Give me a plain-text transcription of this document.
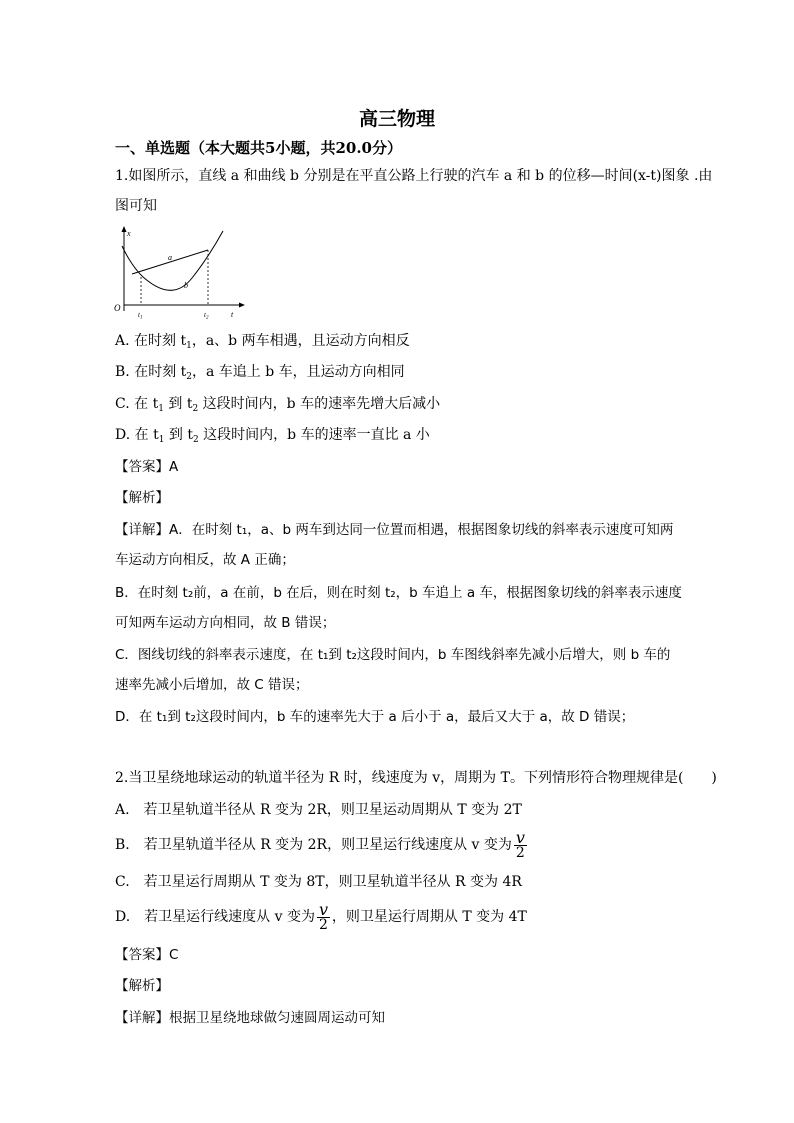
高三物理
一、单选题（本大题共5小题，共20.0分）
1.如图所示，直线 a 和曲线 b 分别是在平直公路上行驶的汽车 a 和 b 的位移—时间(x-t)图象 .由
图可知
x
O
t
$t_1$	$t_2$
a
b
A. 在时刻 $t_1$，a、b 两车相遇，且运动方向相反
B. 在时刻 $t_2$，a 车追上 b 车，且运动方向相同
C. 在 $t_1$ 到 $t_2$ 这段时间内，b 车的速率先增大后减小
D. 在 $t_1$ 到 $t_2$ 这段时间内，b 车的速率一直比 a 小
【答案】A
【解析】
【详解】A．在时刻 t₁，a、b 两车到达同一位置而相遇，根据图象切线的斜率表示速度可知两
车运动方向相反，故 A 正确；
B．在时刻 t₂前，a 在前，b 在后，则在时刻 t₂，b 车追上 a 车，根据图象切线的斜率表示速度
可知两车运动方向相同，故 B 错误；
C．图线切线的斜率表示速度，在 t₁到 t₂这段时间内，b 车图线斜率先减小后增大，则 b 车的
速率先减小后增加，故 C 错误；
D．在 t₁到 t₂这段时间内，b 车的速率先大于 a 后小于 a，最后又大于 a，故 D 错误；
2.当卫星绕地球运动的轨道半径为 R 时，线速度为 v，周期为 T。下列情形符合物理规律是(　　)
A.　若卫星轨道半径从 R 变为 2R，则卫星运动周期从 T 变为 2T
B.　若卫星轨道半径从 R 变为 2R，则卫星运行线速度从 v 变为 $\frac{v}{2}$
C.　若卫星运行周期从 T 变为 8T，则卫星轨道半径从 R 变为 4R
D.　若卫星运行线速度从 v 变为 $\frac{v}{2}$ ，则卫星运行周期从 T 变为 4T
【答案】C
【解析】
【详解】根据卫星绕地球做匀速圆周运动可知
